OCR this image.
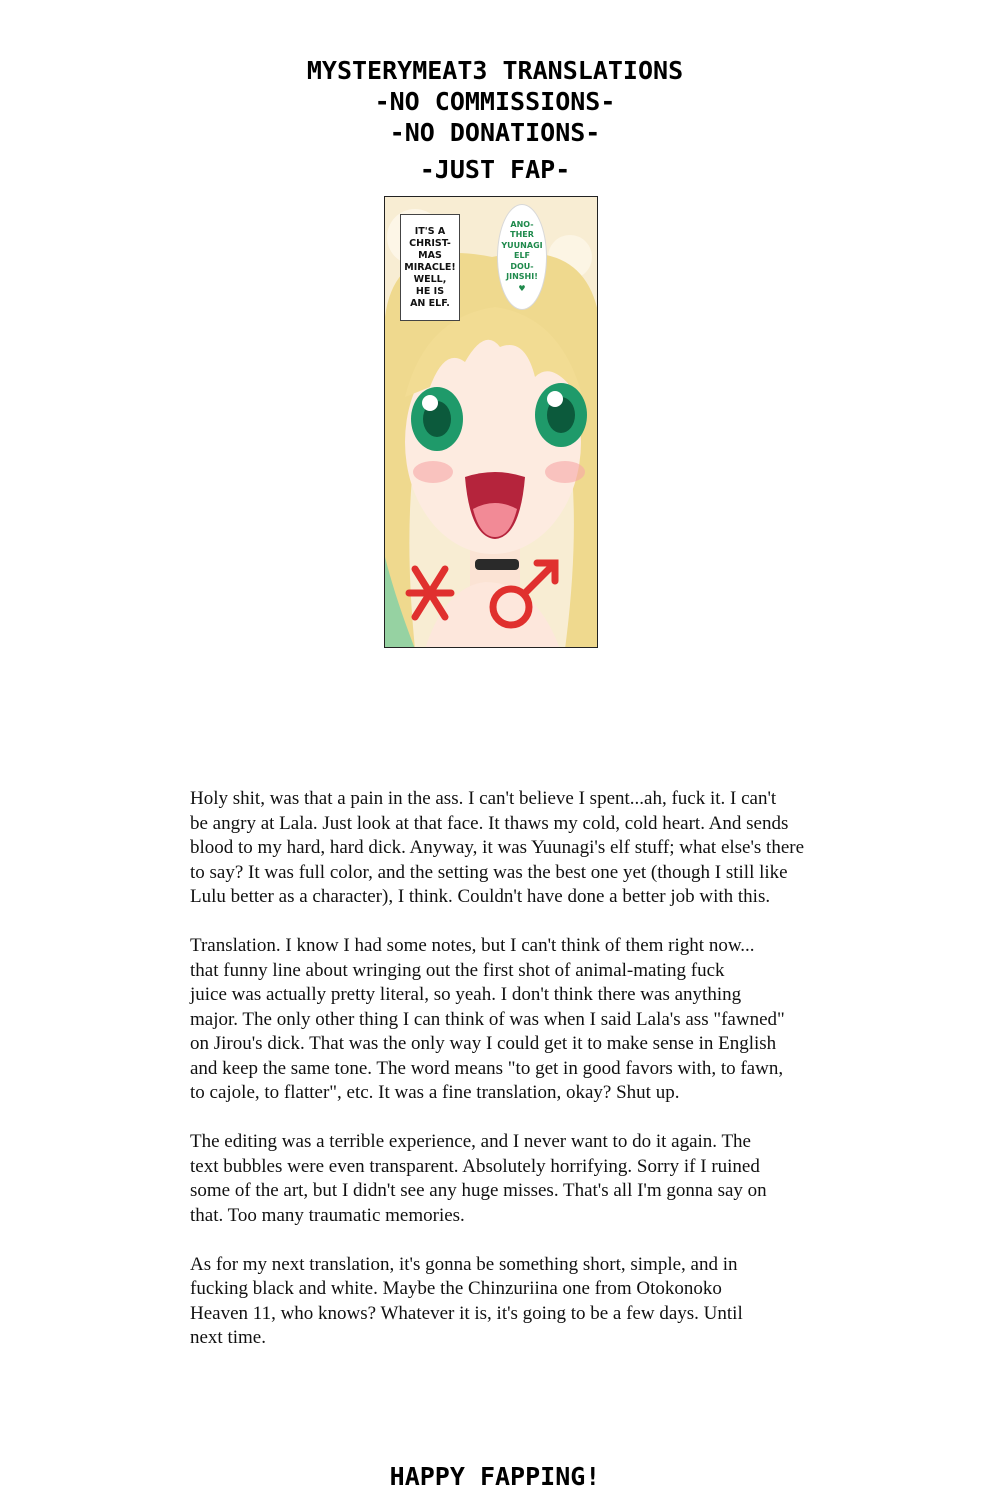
MYSTERYMEAT3 TRANSLATIONS
-NO COMMISSIONS-
-NO DONATIONS-
-JUST FAP-
IT'S A
CHRIST-
MAS
MIRACLE!
WELL,
HE IS
AN ELF.
ANO-
THER
YUUNAGI
ELF
DOU-
JINSHI!
♥

Holy shit, was that a pain in the ass. I can't believe I spent...ah, fuck it. I can't
be angry at Lala. Just look at that face. It thaws my cold, cold heart. And sends
blood to my hard, hard dick. Anyway, it was Yuunagi's elf stuff; what else's there
to say? It was full color, and the setting was the best one yet (though I still like
Lulu better as a character), I think. Couldn't have done a better job with this.

Translation. I know I had some notes, but I can't think of them right now...
that funny line about wringing out the first shot of animal-mating fuck
juice was actually pretty literal, so yeah. I don't think there was anything
major. The only other thing I can think of was when I said Lala's ass "fawned"
on Jirou's dick. That was the only way I could get it to make sense in English
and keep the same tone. The word means "to get in good favors with, to fawn,
to cajole, to flatter", etc. It was a fine translation, okay? Shut up.

The editing was a terrible experience, and I never want to do it again. The
text bubbles were even transparent. Absolutely horrifying. Sorry if I ruined
some of the art, but I didn't see any huge misses. That's all I'm gonna say on
that. Too many traumatic memories.

As for my next translation, it's gonna be something short, simple, and in
fucking black and white. Maybe the Chinzuriina one from Otokonoko
Heaven 11, who knows? Whatever it is, it's going to be a few days. Until
next time.

HAPPY FAPPING!
